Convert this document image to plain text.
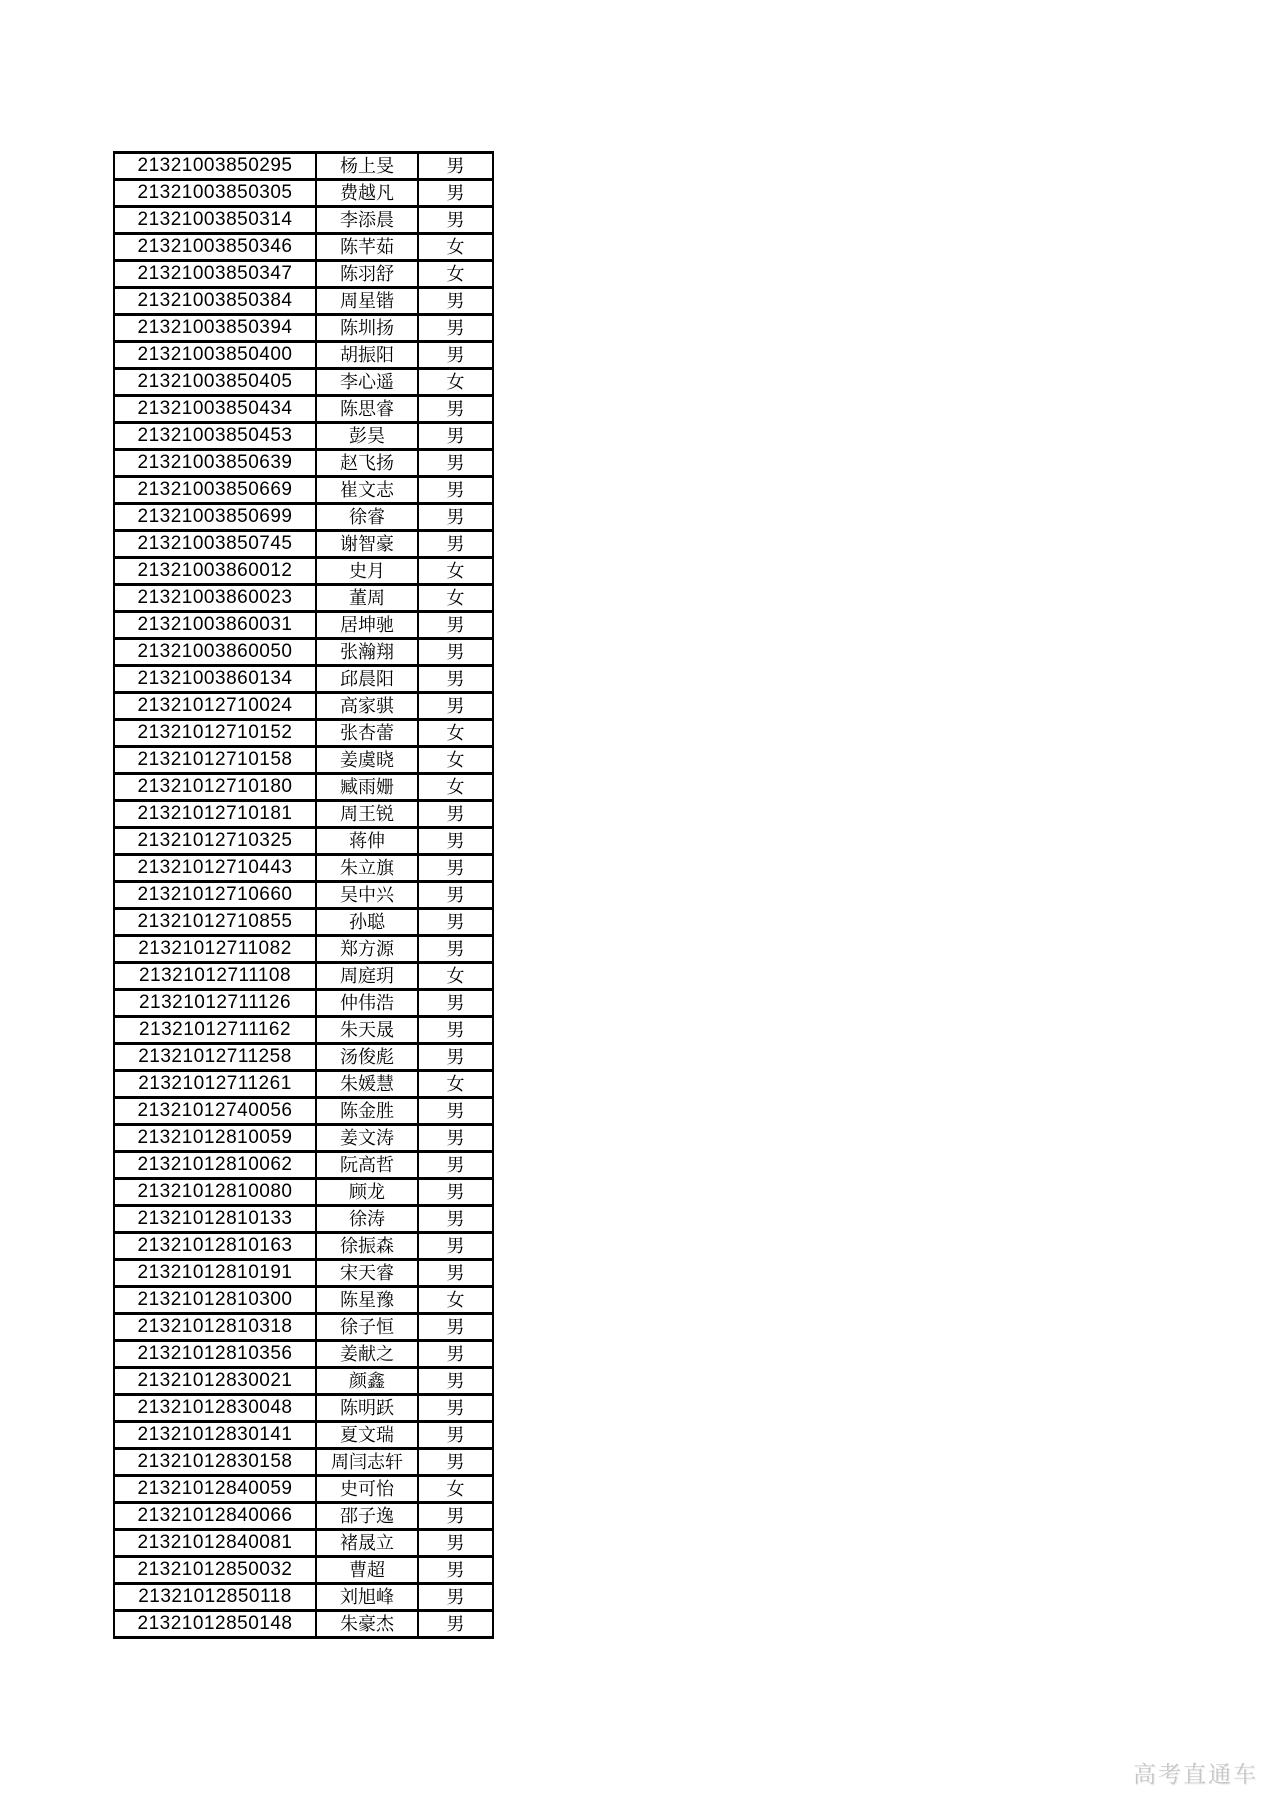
21321003850295	杨上旻	男
21321003850305	费越凡	男
21321003850314	李添晨	男
21321003850346	陈芊茹	女
21321003850347	陈羽舒	女
21321003850384	周星锴	男
21321003850394	陈圳扬	男
21321003850400	胡振阳	男
21321003850405	李心遥	女
21321003850434	陈思睿	男
21321003850453	彭昊	男
21321003850639	赵飞扬	男
21321003850669	崔文志	男
21321003850699	徐睿	男
21321003850745	谢智豪	男
21321003860012	史月	女
21321003860023	董周	女
21321003860031	居坤驰	男
21321003860050	张瀚翔	男
21321003860134	邱晨阳	男
21321012710024	高家骐	男
21321012710152	张杏蕾	女
21321012710158	姜虞晓	女
21321012710180	臧雨姗	女
21321012710181	周王锐	男
21321012710325	蒋伸	男
21321012710443	朱立旗	男
21321012710660	吴中兴	男
21321012710855	孙聪	男
21321012711082	郑方源	男
21321012711108	周庭玥	女
21321012711126	仲伟浩	男
21321012711162	朱天晟	男
21321012711258	汤俊彪	男
21321012711261	朱媛慧	女
21321012740056	陈金胜	男
21321012810059	姜文涛	男
21321012810062	阮高哲	男
21321012810080	顾龙	男
21321012810133	徐涛	男
21321012810163	徐振森	男
21321012810191	宋天睿	男
21321012810300	陈星豫	女
21321012810318	徐子恒	男
21321012810356	姜献之	男
21321012830021	颜鑫	男
21321012830048	陈明跃	男
21321012830141	夏文瑞	男
21321012830158	周闫志轩	男
21321012840059	史可怡	女
21321012840066	邵子逸	男
21321012840081	褚晟立	男
21321012850032	曹超	男
21321012850118	刘旭峰	男
21321012850148	朱豪杰	男
高考直通车
